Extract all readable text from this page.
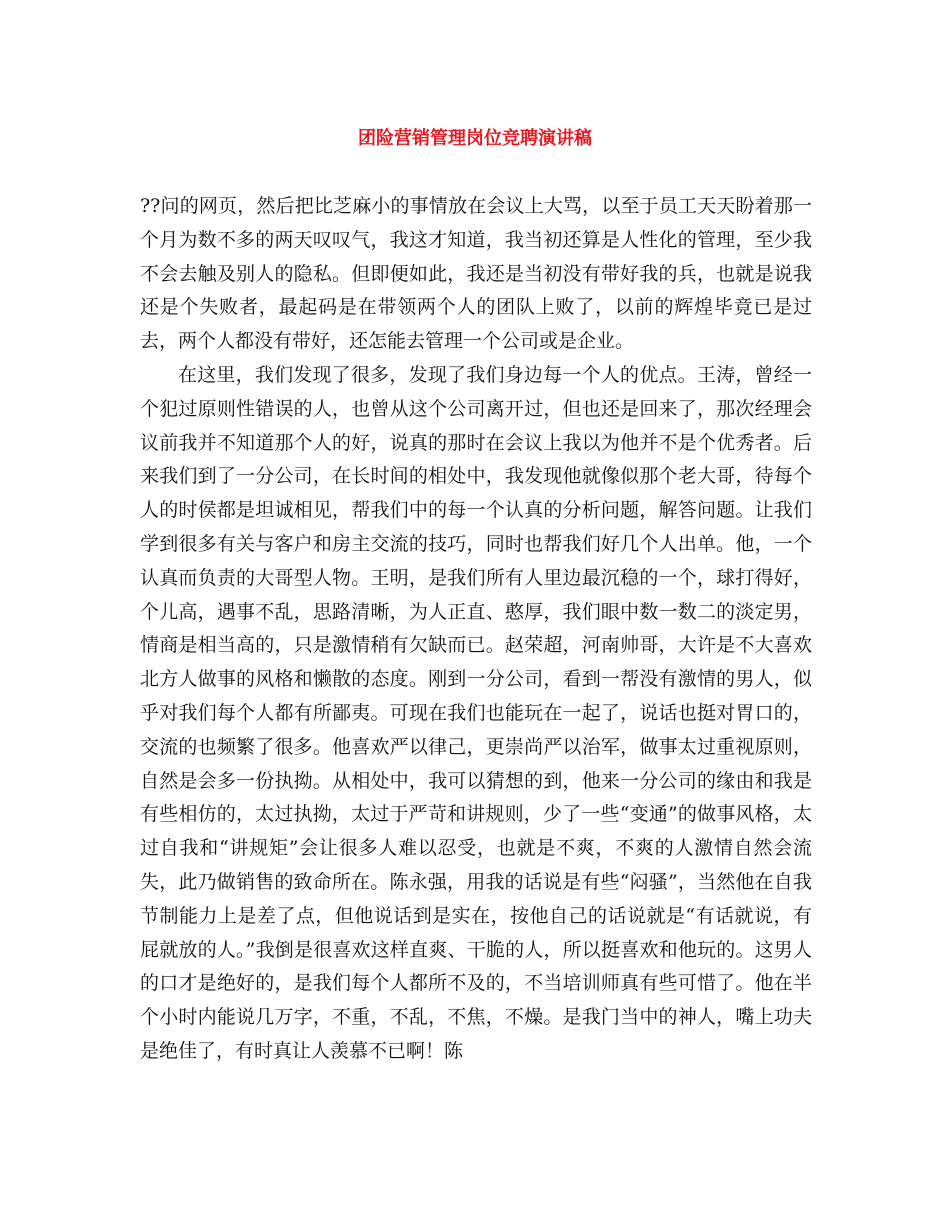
团险营销管理岗位竞聘演讲稿

??问的网页，然后把比芝麻小的事情放在会议上大骂，以至于员工天天盼着那一个月为数不多的两天叹叹气，我这才知道，我当初还算是人性化的管理，至少我不会去触及别人的隐私。但即便如此，我还是当初没有带好我的兵，也就是说我还是个失败者，最起码是在带领两个人的团队上败了，以前的辉煌毕竟已是过去，两个人都没有带好，还怎能去管理一个公司或是企业。

在这里，我们发现了很多，发现了我们身边每一个人的优点。王涛，曾经一个犯过原则性错误的人，也曾从这个公司离开过，但也还是回来了，那次经理会议前我并不知道那个人的好，说真的那时在会议上我以为他并不是个优秀者。后来我们到了一分公司，在长时间的相处中，我发现他就像似那个老大哥，待每个人的时侯都是坦诚相见，帮我们中的每一个认真的分析问题，解答问题。让我们学到很多有关与客户和房主交流的技巧，同时也帮我们好几个人出单。他，一个认真而负责的大哥型人物。王明，是我们所有人里边最沉稳的一个，球打得好，个儿高，遇事不乱，思路清晰，为人正直、憨厚，我们眼中数一数二的淡定男，情商是相当高的，只是激情稍有欠缺而已。赵荣超，河南帅哥，大许是不大喜欢北方人做事的风格和懒散的态度。刚到一分公司，看到一帮没有激情的男人，似乎对我们每个人都有所鄙夷。可现在我们也能玩在一起了，说话也挺对胃口的，交流的也频繁了很多。他喜欢严以律己，更崇尚严以治军，做事太过重视原则，自然是会多一份执拗。从相处中，我可以猜想的到，他来一分公司的缘由和我是有些相仿的，太过执拗，太过于严苛和讲规则，少了一些“变通”的做事风格，太过自我和“讲规矩”会让很多人难以忍受，也就是不爽，不爽的人激情自然会流失，此乃做销售的致命所在。陈永强，用我的话说是有些“闷骚”，当然他在自我节制能力上是差了点，但他说话到是实在，按他自己的话说就是“有话就说，有屁就放的人。”我倒是很喜欢这样直爽、干脆的人，所以挺喜欢和他玩的。这男人的口才是绝好的，是我们每个人都所不及的，不当培训师真有些可惜了。他在半个小时内能说几万字，不重，不乱，不焦，不燥。是我门当中的神人，嘴上功夫是绝佳了，有时真让人羡慕不已啊！陈
